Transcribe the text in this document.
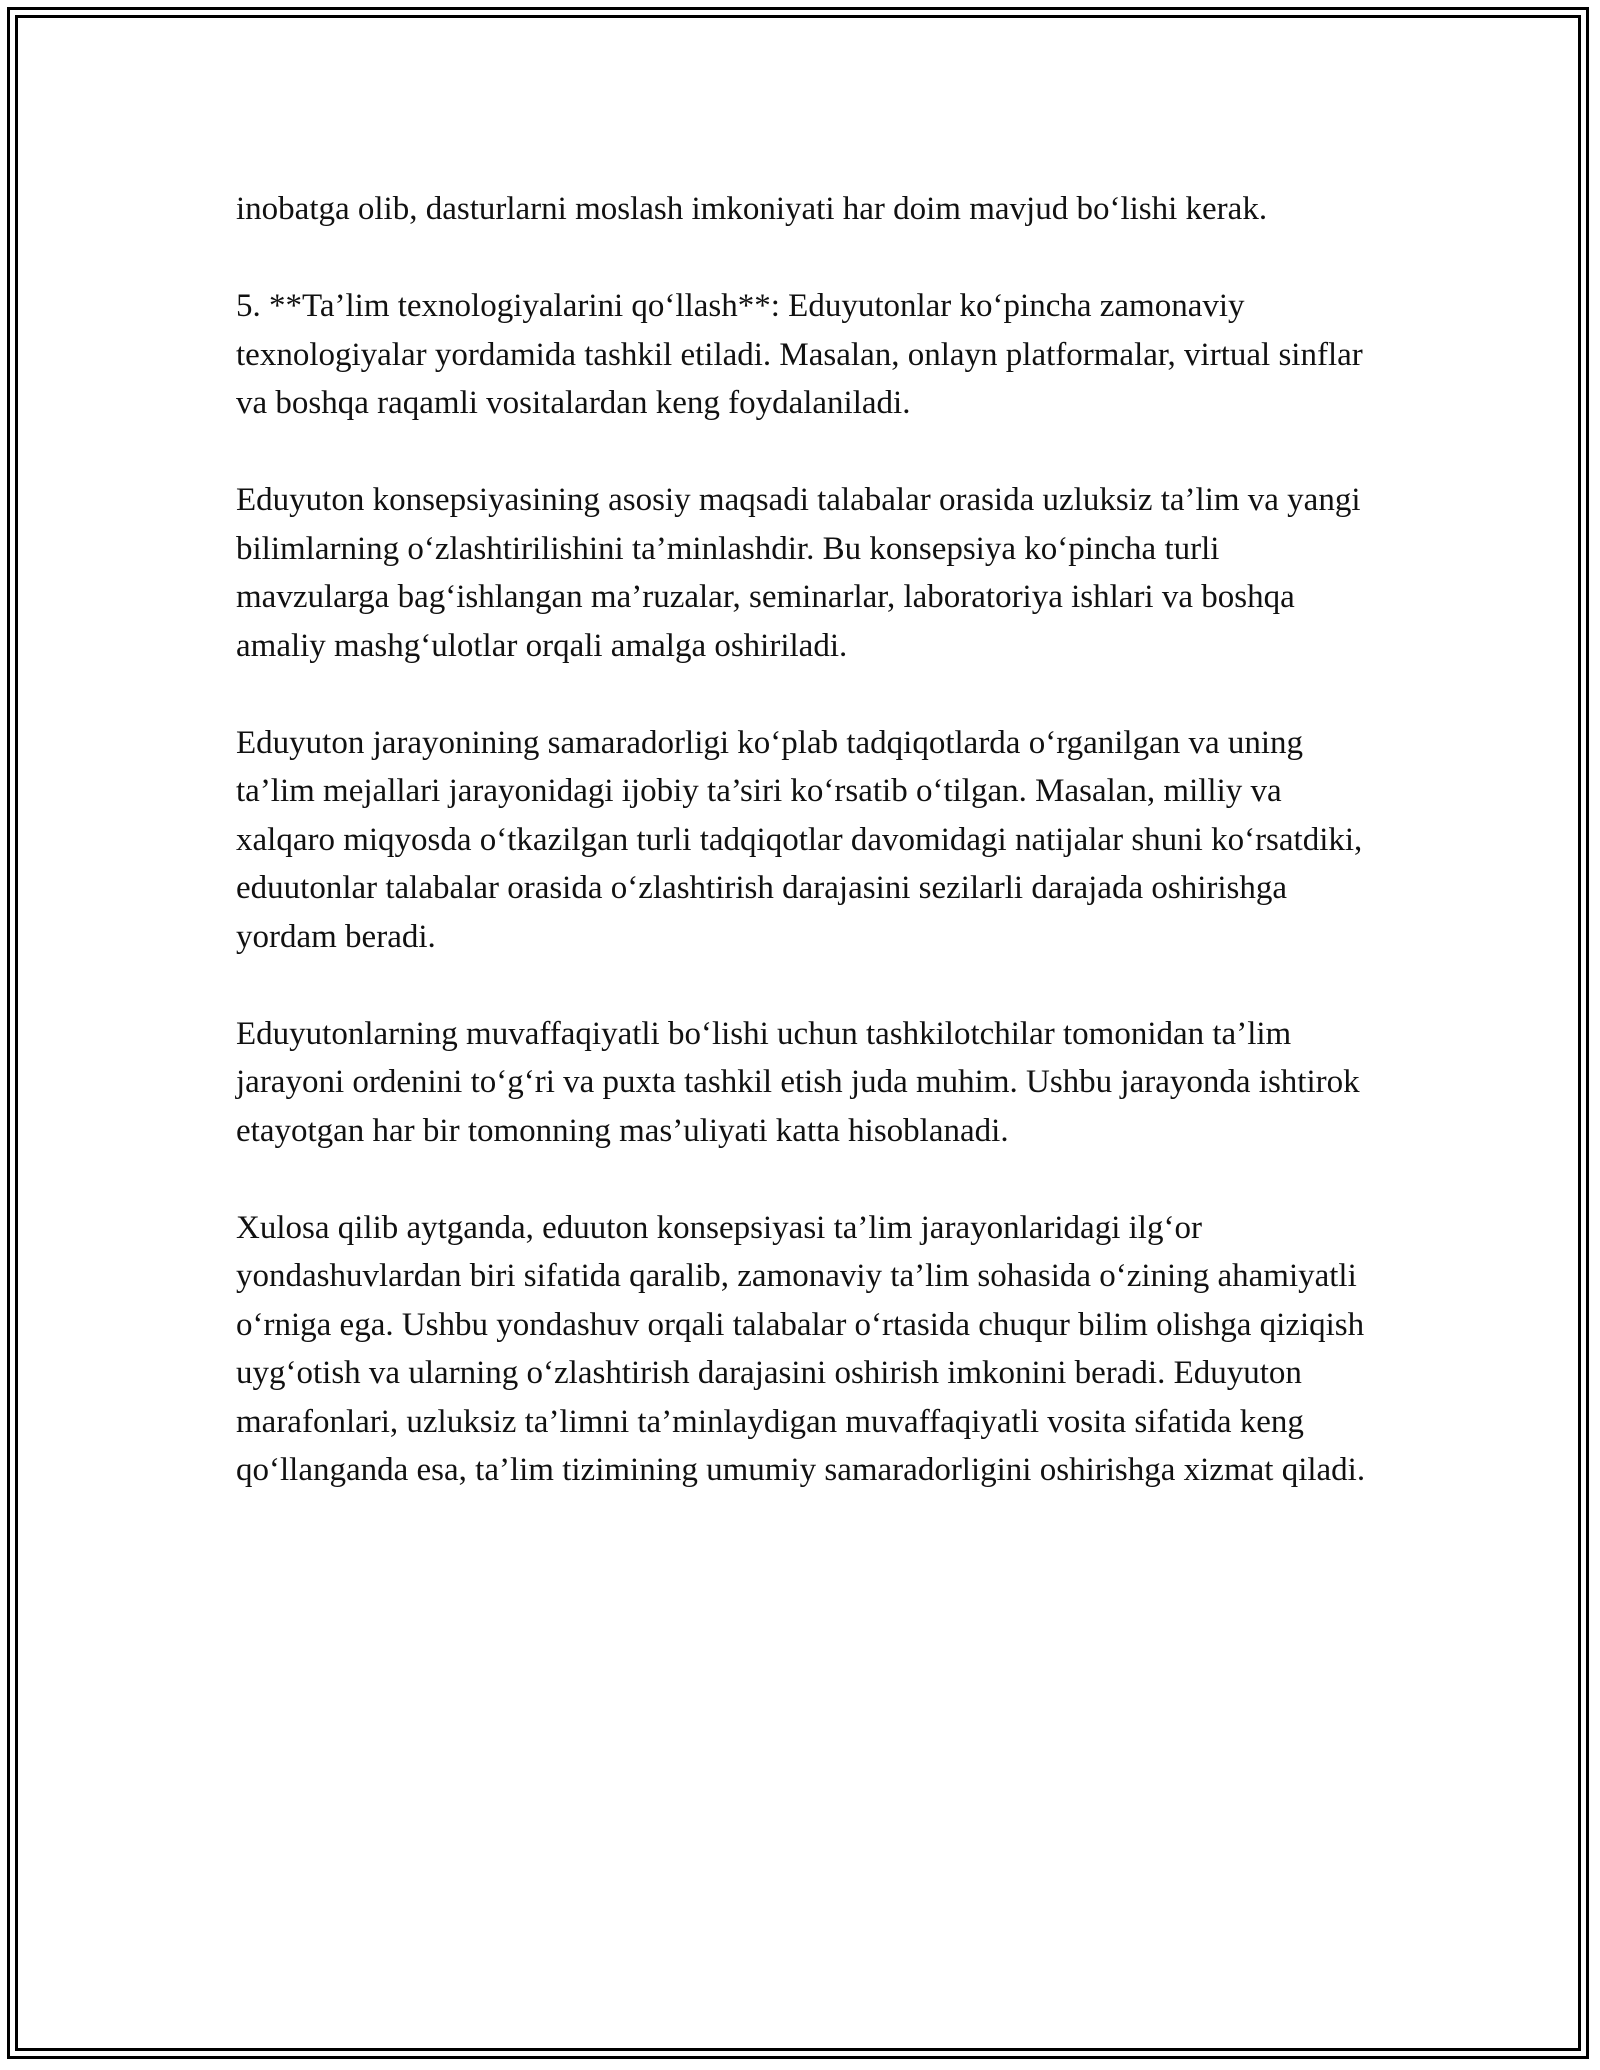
inobatga olib, dasturlarni moslash imkoniyati har doim mavjud bo‘lishi kerak.

5. **Ta’lim texnologiyalarini qo‘llash**: Eduyutonlar ko‘pincha zamonaviy texnologiyalar yordamida tashkil etiladi. Masalan, onlayn platformalar, virtual sinflar va boshqa raqamli vositalardan keng foydalaniladi.

Eduyuton konsepsiyasining asosiy maqsadi talabalar orasida uzluksiz ta’lim va yangi bilimlarning o‘zlashtirilishini ta’minlashdir. Bu konsepsiya ko‘pincha turli mavzularga bag‘ishlangan ma’ruzalar, seminarlar, laboratoriya ishlari va boshqa amaliy mashg‘ulotlar orqali amalga oshiriladi.

Eduyuton jarayonining samaradorligi ko‘plab tadqiqotlarda o‘rganilgan va uning ta’lim mejallari jarayonidagi ijobiy ta’siri ko‘rsatib o‘tilgan. Masalan, milliy va xalqaro miqyosda o‘tkazilgan turli tadqiqotlar davomidagi natijalar shuni ko‘rsatdiki, eduutonlar talabalar orasida o‘zlashtirish darajasini sezilarli darajada oshirishga yordam beradi.

Eduyutonlarning muvaffaqiyatli bo‘lishi uchun tashkilotchilar tomonidan ta’lim jarayoni ordenini to‘g‘ri va puxta tashkil etish juda muhim. Ushbu jarayonda ishtirok etayotgan har bir tomonning mas’uliyati katta hisoblanadi.

Xulosa qilib aytganda, eduuton konsepsiyasi ta’lim jarayonlaridagi ilg‘or yondashuvlardan biri sifatida qaralib, zamonaviy ta’lim sohasida o‘zining ahamiyatli o‘rniga ega. Ushbu yondashuv orqali talabalar o‘rtasida chuqur bilim olishga qiziqish uyg‘otish va ularning o‘zlashtirish darajasini oshirish imkonini beradi. Eduyuton marafonlari, uzluksiz ta’limni ta’minlaydigan muvaffaqiyatli vosita sifatida keng qo‘llanganda esa, ta’lim tizimining umumiy samaradorligini oshirishga xizmat qiladi.
